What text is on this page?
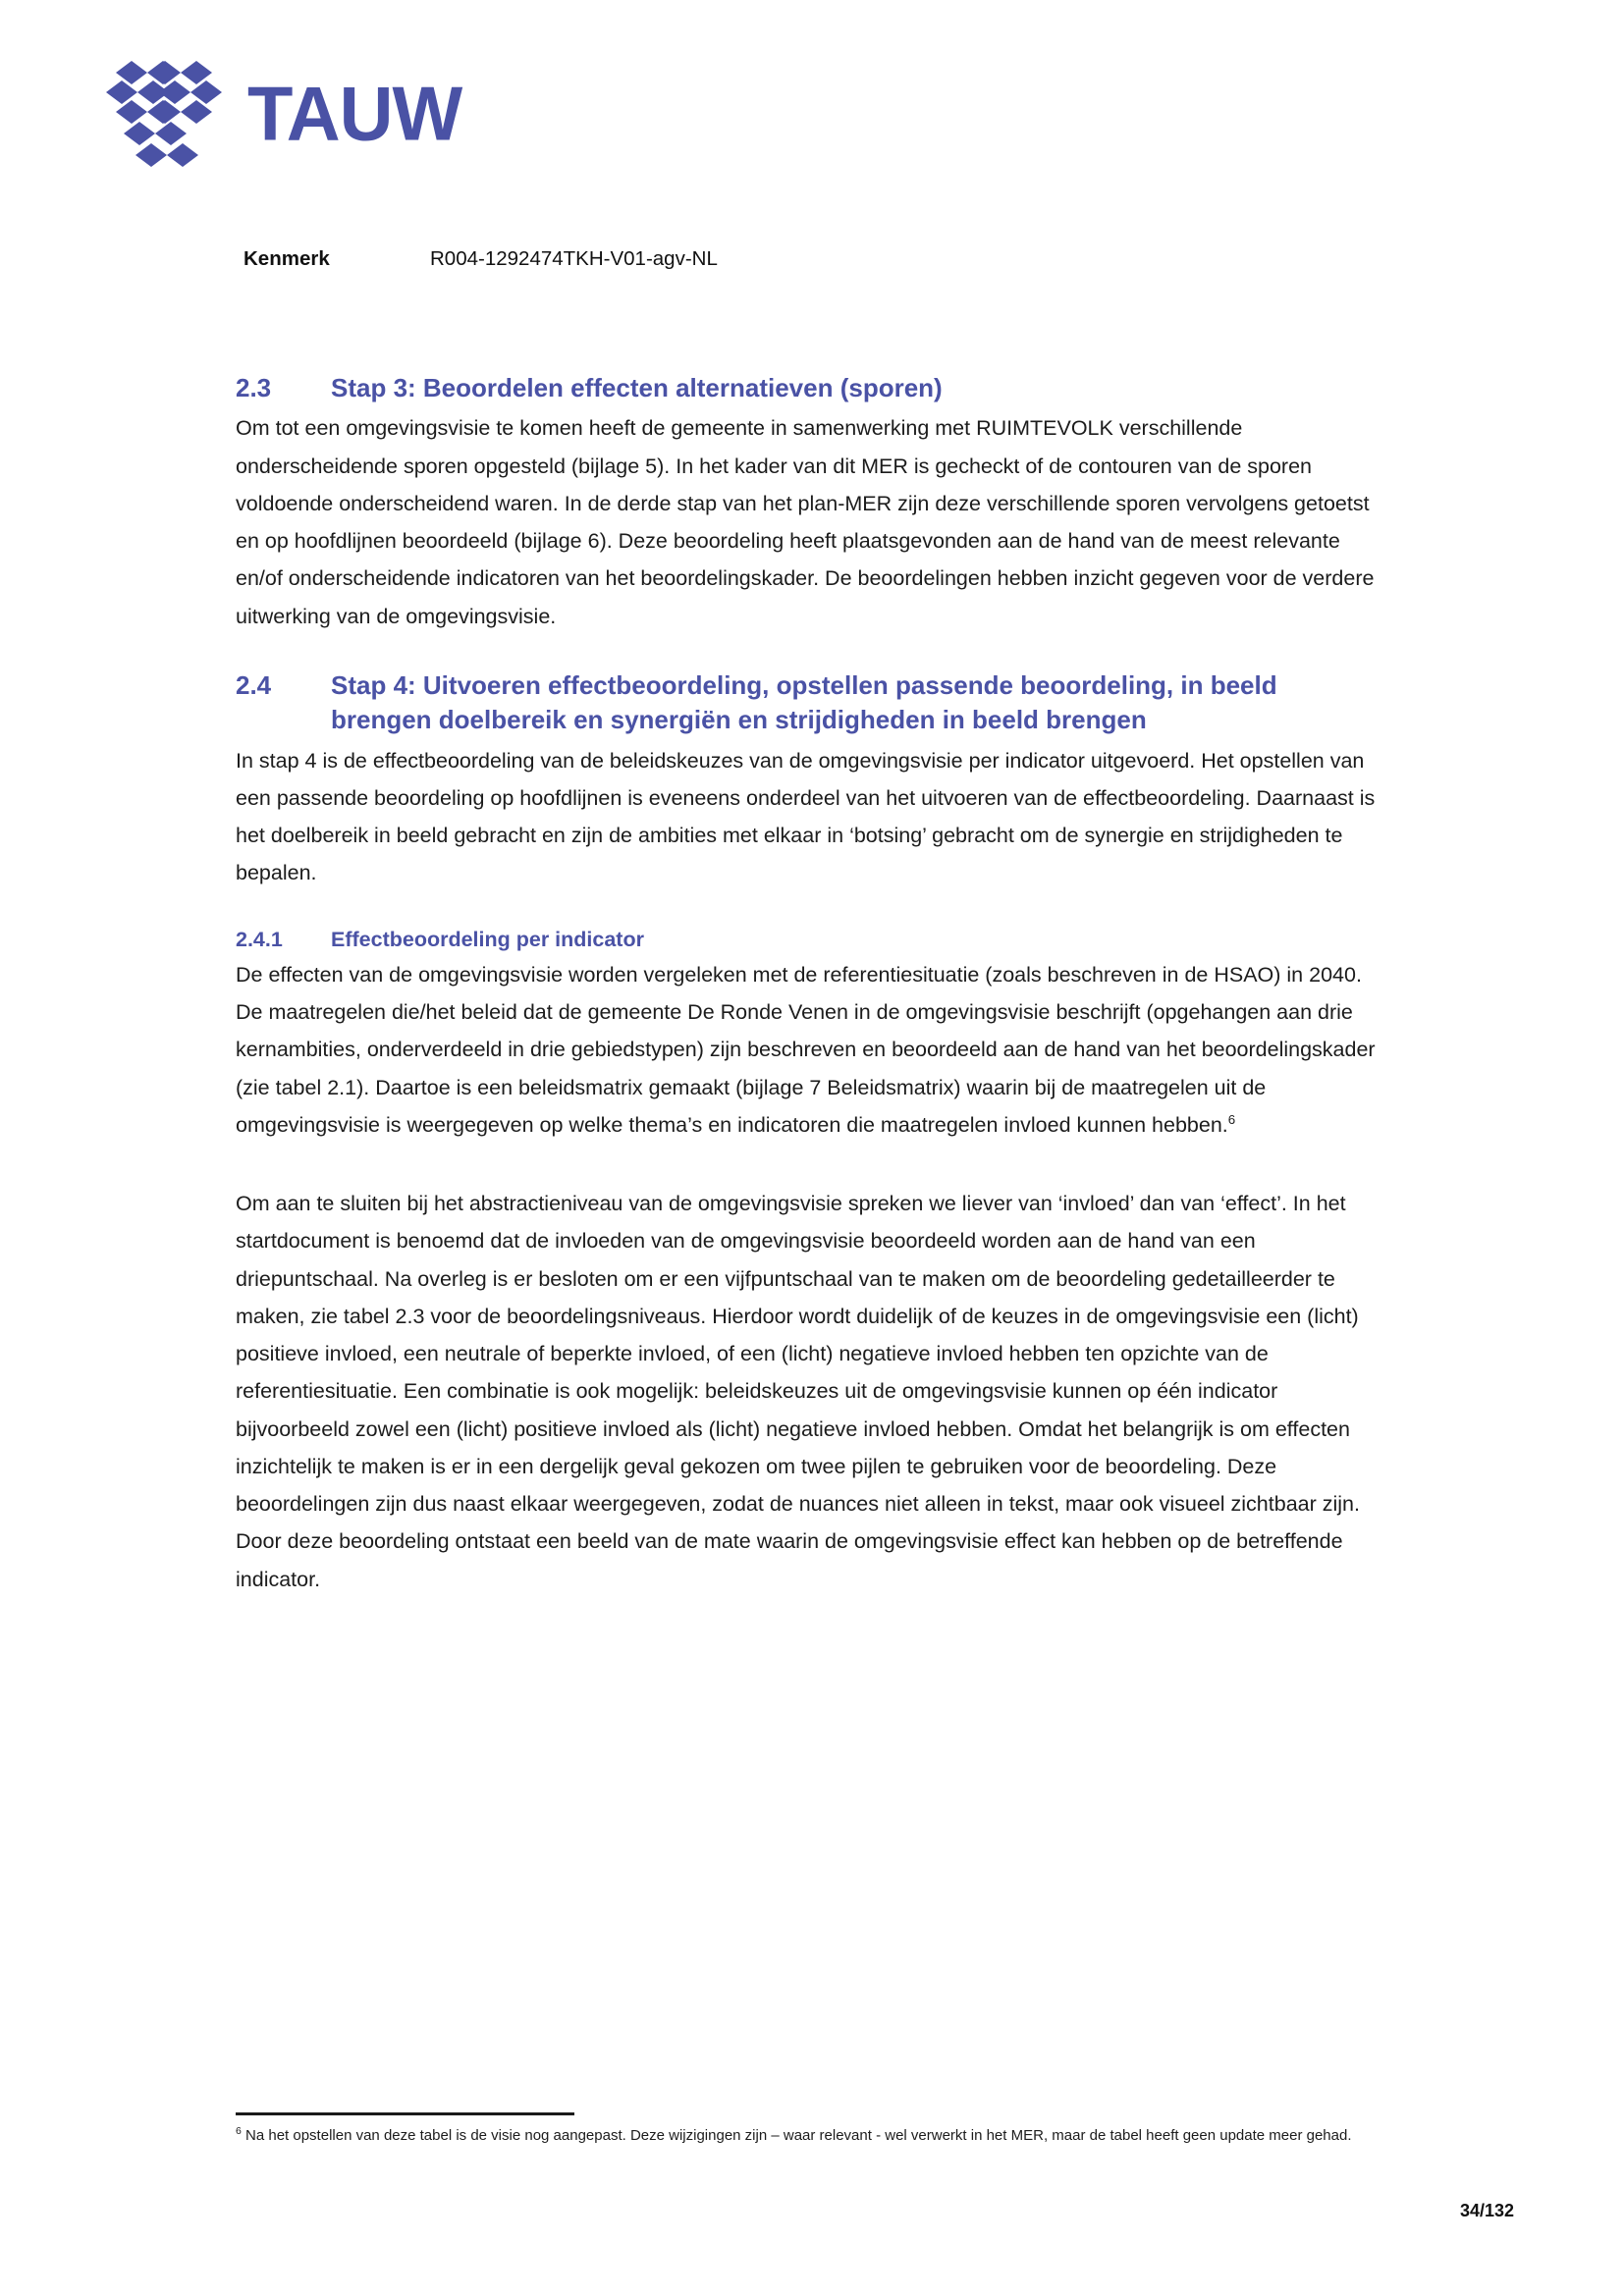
TAUW
Kenmerk	R004-1292474TKH-V01-agv-NL
2.3	Stap 3: Beoordelen effecten alternatieven (sporen)

Om tot een omgevingsvisie te komen heeft de gemeente in samenwerking met RUIMTEVOLK verschillende onderscheidende sporen opgesteld (bijlage 5). In het kader van dit MER is gecheckt of de contouren van de sporen voldoende onderscheidend waren. In de derde stap van het plan-MER zijn deze verschillende sporen vervolgens getoetst en op hoofdlijnen beoordeeld (bijlage 6). Deze beoordeling heeft plaatsgevonden aan de hand van de meest relevante en/of onderscheidende indicatoren van het beoordelingskader. De beoordelingen hebben inzicht gegeven voor de verdere uitwerking van de omgevingsvisie.

2.4	Stap 4: Uitvoeren effectbeoordeling, opstellen passende beoordeling, in beeld brengen doelbereik en synergiën en strijdigheden in beeld brengen

In stap 4 is de effectbeoordeling van de beleidskeuzes van de omgevingsvisie per indicator uitgevoerd. Het opstellen van een passende beoordeling op hoofdlijnen is eveneens onderdeel van het uitvoeren van de effectbeoordeling. Daarnaast is het doelbereik in beeld gebracht en zijn de ambities met elkaar in ‘botsing’ gebracht om de synergie en strijdigheden te bepalen.

2.4.1	Effectbeoordeling per indicator

De effecten van de omgevingsvisie worden vergeleken met de referentiesituatie (zoals beschreven in de HSAO) in 2040. De maatregelen die/het beleid dat de gemeente De Ronde Venen in de omgevingsvisie beschrijft (opgehangen aan drie kernambities, onderverdeeld in drie gebiedstypen) zijn beschreven en beoordeeld aan de hand van het beoordelingskader (zie tabel 2.1). Daartoe is een beleidsmatrix gemaakt (bijlage 7 Beleidsmatrix) waarin bij de maatregelen uit de omgevingsvisie is weergegeven op welke thema’s en indicatoren die maatregelen invloed kunnen hebben.$^6$

Om aan te sluiten bij het abstractieniveau van de omgevingsvisie spreken we liever van ‘invloed’ dan van ‘effect’. In het startdocument is benoemd dat de invloeden van de omgevingsvisie beoordeeld worden aan de hand van een driepuntschaal. Na overleg is er besloten om er een vijfpuntschaal van te maken om de beoordeling gedetailleerder te maken, zie tabel 2.3 voor de beoordelingsniveaus. Hierdoor wordt duidelijk of de keuzes in de omgevingsvisie een (licht) positieve invloed, een neutrale of beperkte invloed, of een (licht) negatieve invloed hebben ten opzichte van de referentiesituatie. Een combinatie is ook mogelijk: beleidskeuzes uit de omgevingsvisie kunnen op één indicator bijvoorbeeld zowel een (licht) positieve invloed als (licht) negatieve invloed hebben. Omdat het belangrijk is om effecten inzichtelijk te maken is er in een dergelijk geval gekozen om twee pijlen te gebruiken voor de beoordeling. Deze beoordelingen zijn dus naast elkaar weergegeven, zodat de nuances niet alleen in tekst, maar ook visueel zichtbaar zijn. Door deze beoordeling ontstaat een beeld van de mate waarin de omgevingsvisie effect kan hebben op de betreffende indicator.

$^6$ Na het opstellen van deze tabel is de visie nog aangepast. Deze wijzigingen zijn – waar relevant - wel verwerkt in het MER, maar de tabel heeft geen update meer gehad.

34/132
